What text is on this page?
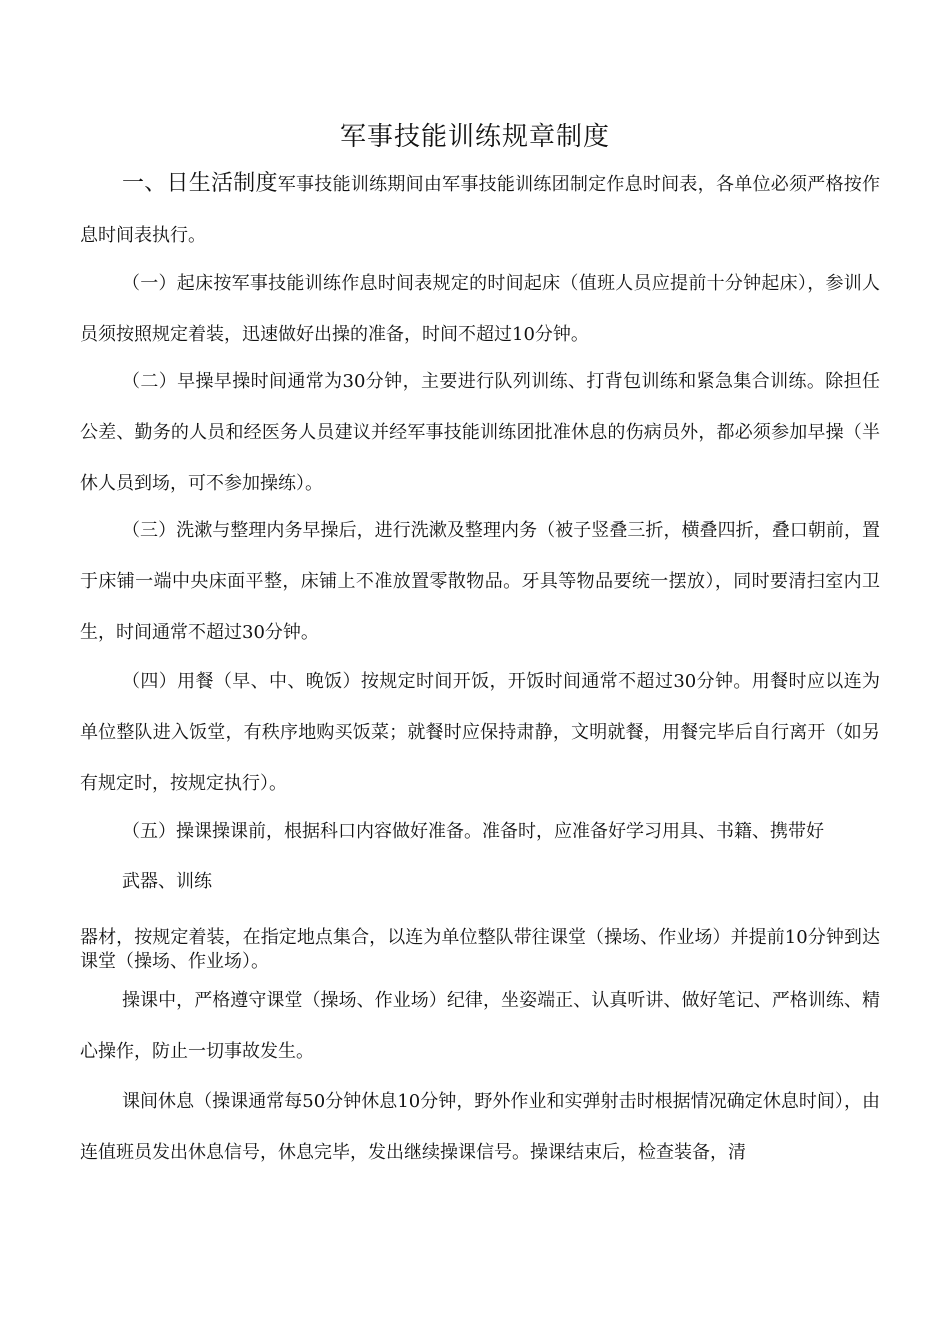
军事技能训练规章制度

一、日生活制度军事技能训练期间由军事技能训练团制定作息时间表，各单位必须严格按作息时间表执行。

（一）起床按军事技能训练作息时间表规定的时间起床（值班人员应提前十分钟起床），参训人员须按照规定着装，迅速做好出操的准备，时间不超过10分钟。

（二）早操早操时间通常为30分钟，主要进行队列训练、打背包训练和紧急集合训练。除担任公差、勤务的人员和经医务人员建议并经军事技能训练团批准休息的伤病员外，都必须参加早操（半休人员到场，可不参加操练）。

（三）洗漱与整理内务早操后，进行洗漱及整理内务（被子竖叠三折，横叠四折，叠口朝前，置于床铺一端中央床面平整，床铺上不准放置零散物品。牙具等物品要统一摆放），同时要清扫室内卫生，时间通常不超过30分钟。

（四）用餐（早、中、晚饭）按规定时间开饭，开饭时间通常不超过30分钟。用餐时应以连为单位整队进入饭堂，有秩序地购买饭菜；就餐时应保持肃静，文明就餐，用餐完毕后自行离开（如另有规定时，按规定执行）。

（五）操课操课前，根据科口内容做好准备。准备时，应准备好学习用具、书籍、携带好

武器、训练

器材，按规定着装，在指定地点集合，以连为单位整队带往课堂（操场、作业场）并提前10分钟到达课堂（操场、作业场）。

操课中，严格遵守课堂（操场、作业场）纪律，坐姿端正、认真听讲、做好笔记、严格训练、精心操作，防止一切事故发生。

课间休息（操课通常每50分钟休息10分钟，野外作业和实弹射击时根据情况确定休息时间），由连值班员发出休息信号，休息完毕，发出继续操课信号。操课结束后，检查装备，清
